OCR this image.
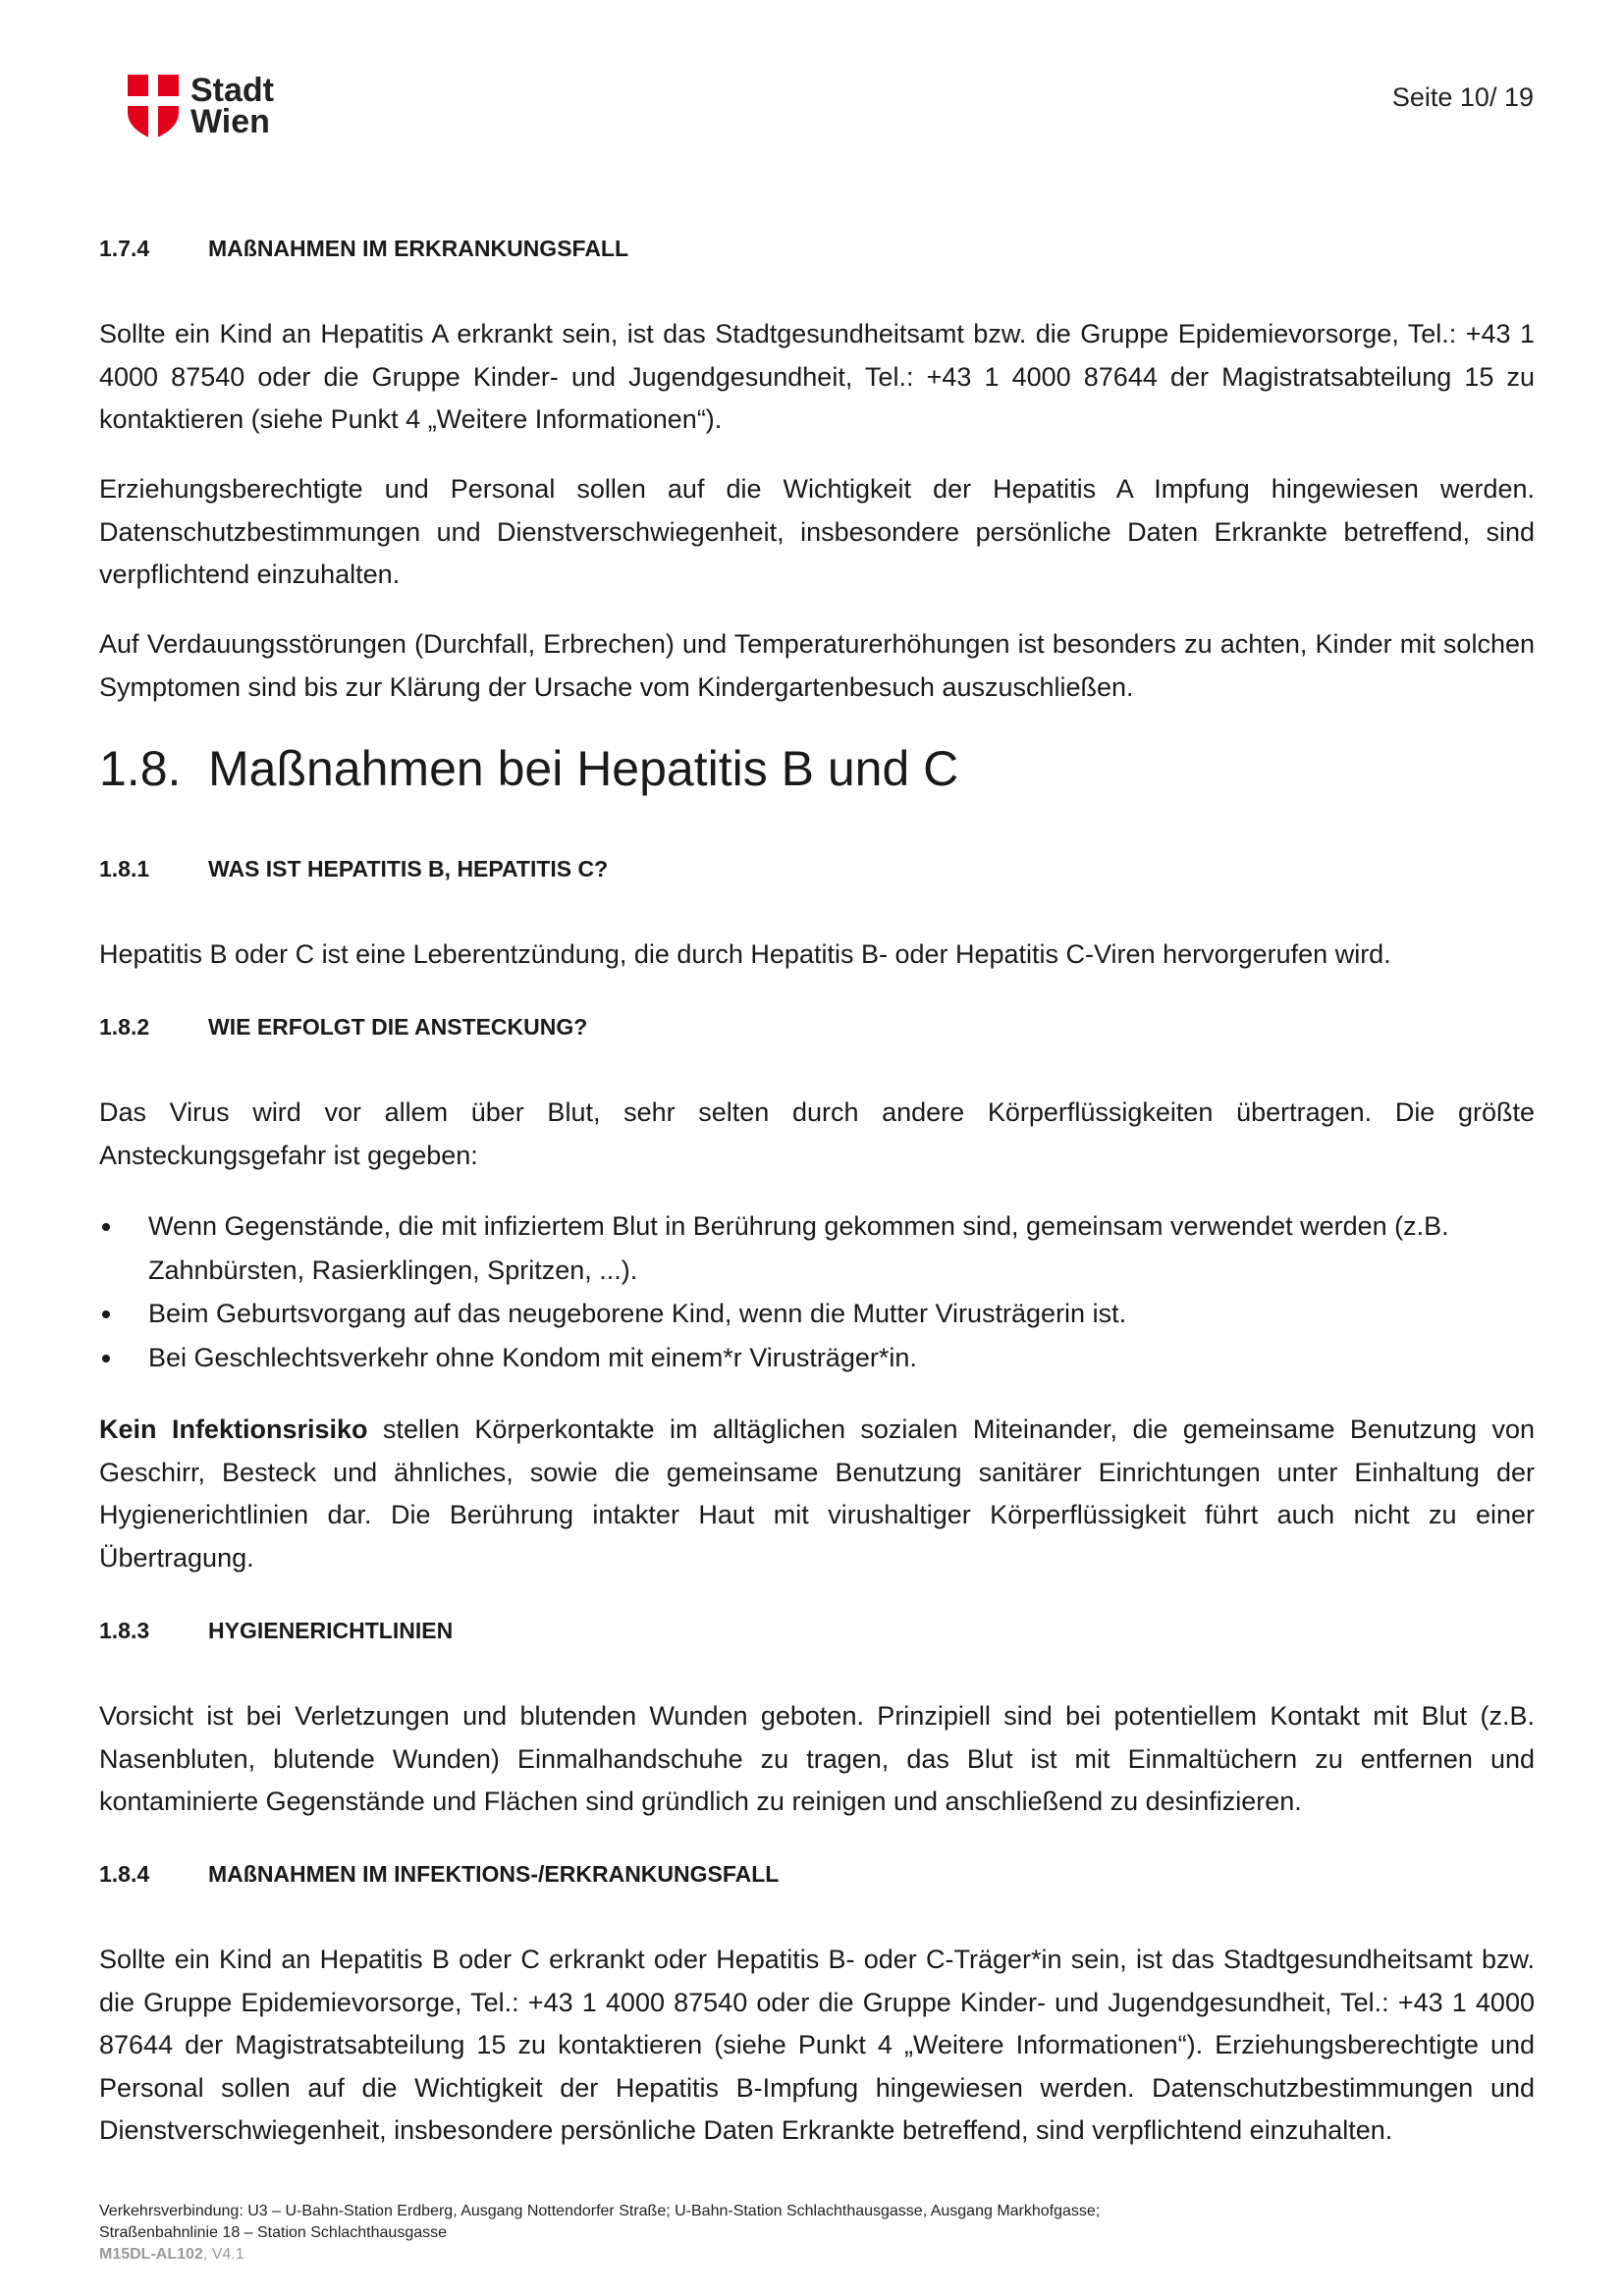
Stadt
Wien
Seite 10/ 19
1.7.4	MAßNAHMEN IM ERKRANKUNGSFALL

Sollte ein Kind an Hepatitis A erkrankt sein, ist das Stadtgesundheitsamt bzw. die Gruppe Epidemievorsorge, Tel.: +43 1 4000 87540 oder die Gruppe Kinder- und Jugendgesundheit, Tel.: +43 1 4000 87644 der Magistratsabteilung 15 zu kontaktieren (siehe Punkt 4 „Weitere Informationen“).

Erziehungsberechtigte und Personal sollen auf die Wichtigkeit der Hepatitis A Impfung hingewiesen werden. Datenschutzbestimmungen und Dienstverschwiegenheit, insbesondere persönliche Daten Erkrankte betreffend, sind verpflichtend einzuhalten.

Auf Verdauungsstörungen (Durchfall, Erbrechen) und Temperaturerhöhungen ist besonders zu achten, Kinder mit solchen Symptomen sind bis zur Klärung der Ursache vom Kindergartenbesuch auszuschließen.

1.8. Maßnahmen bei Hepatitis B und C
1.8.1	WAS IST HEPATITIS B, HEPATITIS C?

Hepatitis B oder C ist eine Leberentzündung, die durch Hepatitis B- oder Hepatitis C-Viren hervorgerufen wird.

1.8.2	WIE ERFOLGT DIE ANSTECKUNG?

Das Virus wird vor allem über Blut, sehr selten durch andere Körperflüssigkeiten übertragen. Die größte Ansteckungsgefahr ist gegeben:

Wenn Gegenstände, die mit infiziertem Blut in Berührung gekommen sind, gemeinsam verwendet werden (z.B. Zahnbürsten, Rasierklingen, Spritzen, ...).
Beim Geburtsvorgang auf das neugeborene Kind, wenn die Mutter Virusträgerin ist.
Bei Geschlechtsverkehr ohne Kondom mit einem*r Virusträger*in.

Kein Infektionsrisiko stellen Körperkontakte im alltäglichen sozialen Miteinander, die gemeinsame Benutzung von Geschirr, Besteck und ähnliches, sowie die gemeinsame Benutzung sanitärer Einrichtungen unter Einhaltung der Hygienerichtlinien dar. Die Berührung intakter Haut mit virushaltiger Körperflüssigkeit führt auch nicht zu einer Übertragung.

1.8.3	HYGIENERICHTLINIEN

Vorsicht ist bei Verletzungen und blutenden Wunden geboten. Prinzipiell sind bei potentiellem Kontakt mit Blut (z.B. Nasenbluten, blutende Wunden) Einmalhandschuhe zu tragen, das Blut ist mit Einmaltüchern zu entfernen und kontaminierte Gegenstände und Flächen sind gründlich zu reinigen und anschließend zu desinfizieren.

1.8.4	MAßNAHMEN IM INFEKTIONS-/ERKRANKUNGSFALL

Sollte ein Kind an Hepatitis B oder C erkrankt oder Hepatitis B- oder C-Träger*in sein, ist das Stadtgesundheitsamt bzw. die Gruppe Epidemievorsorge, Tel.: +43 1 4000 87540 oder die Gruppe Kinder- und Jugendgesundheit, Tel.: +43 1 4000 87644 der Magistratsabteilung 15 zu kontaktieren (siehe Punkt 4 „Weitere Informationen“). Erziehungsberechtigte und Personal sollen auf die Wichtigkeit der Hepatitis B-Impfung hingewiesen werden. Datenschutzbestimmungen und Dienstverschwiegenheit, insbesondere persönliche Daten Erkrankte betreffend, sind verpflichtend einzuhalten.

Verkehrsverbindung: U3 – U-Bahn-Station Erdberg, Ausgang Nottendorfer Straße; U-Bahn-Station Schlachthausgasse, Ausgang Markhofgasse;
Straßenbahnlinie 18 – Station Schlachthausgasse
M15DL-AL102, V4.1
